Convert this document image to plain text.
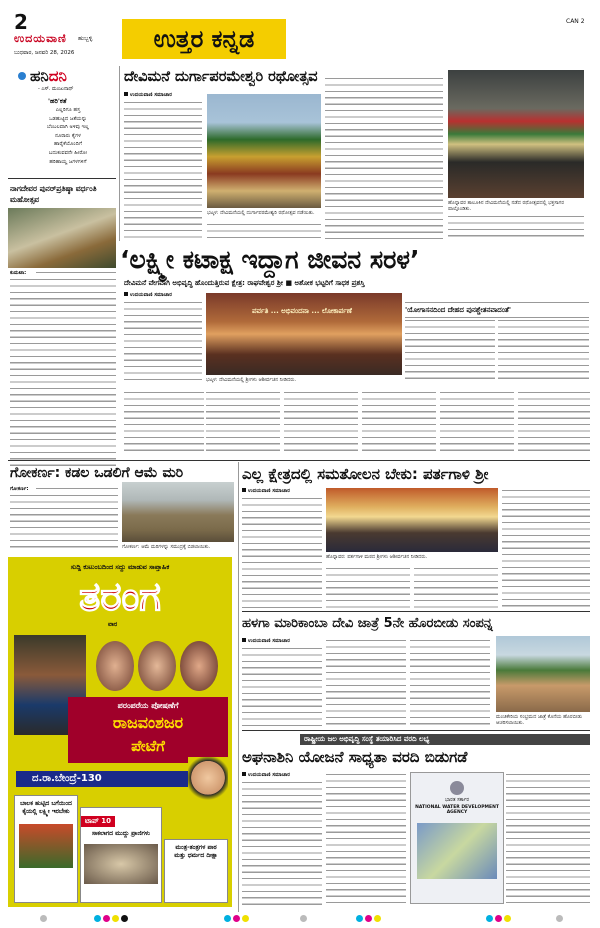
2
ಉದಯವಾಣಿ ಹುಬ್ಬಳ್ಳಿ
ಬುಧವಾರ, ಜನವರಿ 28, 2026	ಉತ್ತರ ಕನ್ನಡ
CAN 2
ಹನಿದನಿ
- ಎಸ್. ಮಂಜುನಾಥ್
'ಹರಿ'ಕತೆ
ಎಲ್ಲರಿಗೂ ಹಸ್ತ
ಒಡಹುಟ್ಟಿದ ಜತೆಯನ್ನು
ಬೆಂಬಲವಾಗಿ ಅಳಿವು ಇಲ್ಲ
ನೂರಾರು ಕೈಗಳ
ಹಾರೈಕೆಯೊಂದಿಗೆ
ಬದುಕುವವನೇ ಹೀರೋ
ಹರಿಹಾಯ್ದ ಜಗಳಗಳಿಗೆ
ನಾಗದೇವರ ಪುನರ್‌ಪ್ರತಿಷ್ಠಾ ವರ್ಧಂತಿ ಮಹೋತ್ಸವ
ಕುಮಟಾ:
ದೇವಿಮನೆ ದುರ್ಗಾಪರಮೇಶ್ವರಿ ರಥೋತ್ಸವ
ಉದಯವಾಣಿ ಸಮಾಚಾರ
ಭಟ್ಕಳ: ದೇವಿಮನೆಯಲ್ಲಿ ದುರ್ಗಾಪರಮೇಶ್ವರಿ ರಥೋತ್ಸವ ನಡೆಯಿತು.
ಹೊನ್ನಾವರ ತಾಲೂಕಿನ ದೇವಿಮನೆಯಲ್ಲಿ ನಡೆದ ರಥೋತ್ಸವದಲ್ಲಿ ಭಕ್ತಸಾಗರ ಪಾಲ್ಗೊಂಡಿತು.
‘ಲಕ್ಷ್ಮೀ ಕಟಾಕ್ಷ ಇದ್ದಾಗ ಜೀವನ ಸರಳ’
ದೇವಿಮನೆ ವೇಗವಾಗಿ ಅಭಿವೃದ್ಧಿ ಹೊಂದುತ್ತಿರುವ ಕ್ಷೇತ್ರ: ರಾಘವೇಶ್ವರ ಶ್ರೀ ■ ಅಶೋಕ ಭಟ್ಟರಿಗೆ ಸಾಧಕ ಪ್ರಶಸ್ತಿ
ಉದಯವಾಣಿ ಸಮಾಚಾರ
ಪರ್ವತಿ ... ಅಭಿವಂದನಾ ... ಲೋಕಾರ್ಪಣೆ
ಭಟ್ಕಳ: ದೇವಿಮನೆಯಲ್ಲಿ ಶ್ರೀಗಳು ಆಶೀರ್ವಚನ ನೀಡಿದರು.
'ಯೋಗಾಸನದಿಂದ ದೇಹದ ಪುನಶ್ಚೇತನವಾದಂತೆ'
ಗೋಕರ್ಣ: ಕಡಲ ಒಡಲಿಗೆ ಆಮೆ ಮರಿ
ಗೋಕರ್ಣ:
ಗೋಕರ್ಣ: ಆಮೆ ಮರಿಗಳನ್ನು ಸಮುದ್ರಕ್ಕೆ ಬಿಡಲಾಯಿತು.
ಎಲ್ಲ ಕ್ಷೇತ್ರದಲ್ಲಿ ಸಮತೋಲನ ಬೇಕು: ಪರ್ತಗಾಳಿ ಶ್ರೀ
ಉದಯವಾಣಿ ಸಮಾಚಾರ
ಹೊನ್ನಾವರ: ಪರ್ತಗಾಳಿ ಮಠದ ಶ್ರೀಗಳು ಆಶೀರ್ವಚನ ನೀಡಿದರು.
ಸುದ್ದಿ ಕುಟುಂಬದಿಂದ ಸದ್ದು ಮಾಡುವ ಸಾಪ್ತಾಹಿಕ
ತರಂಗ
ವಾರ
ಪರಂಪರೆಯ ಪೋಷಣೆಗೆ
ರಾಜವಂಶಜರ
ಪೇಟೆಗೆ
ದ.ರಾ.ಬೇಂದ್ರೆ-130
ಬಾಲಕ ಹುಟ್ಟಿದ ಬಗೆಯಿಂದ ಕೈಯಲ್ಲಿ ಲಕ್ಷ್ಮೀ ಇರಬೇಕು
ಟಾಪ್ 10
ಸಾಕಲಾಗದ ಮುದ್ದು ಪ್ರಾಣಿಗಳು
ಮಂತ್ರ-ತಂತ್ರಗಳ ಪಾಠ ಮತ್ತು ಧರ್ಮದ ದೀಕ್ಷಾ
ಹಳಗಾ ಮಾರಿಕಾಂಬಾ ದೇವಿ ಜಾತ್ರೆ 5ನೇ ಹೊರಬೀಡು ಸಂಪನ್ನ
ಉದಯವಾಣಿ ಸಮಾಚಾರ
ಮಂಚಿಕೇರಿಯ ಸಂಭ್ರಮದ ಜಾತ್ರೆ ಕೊನೆಯ ಹೊರಬೀಡು ಆಚರಿಸಲಾಯಿತು.
ರಾಷ್ಟ್ರೀಯ ಜಲ ಅಭಿವೃದ್ಧಿ ಸಂಸ್ಥೆ ತಯಾರಿಸಿದ ವರದಿ ಲಭ್ಯ
ಅಘನಾಶಿನಿ ಯೋಜನೆ ಸಾಧ್ಯತಾ ವರದಿ ಬಿಡುಗಡೆ
ಉದಯವಾಣಿ ಸಮಾಚಾರ
ಭಾರತ ಸರ್ಕಾರ
NATIONAL WATER DEVELOPMENT AGENCY
